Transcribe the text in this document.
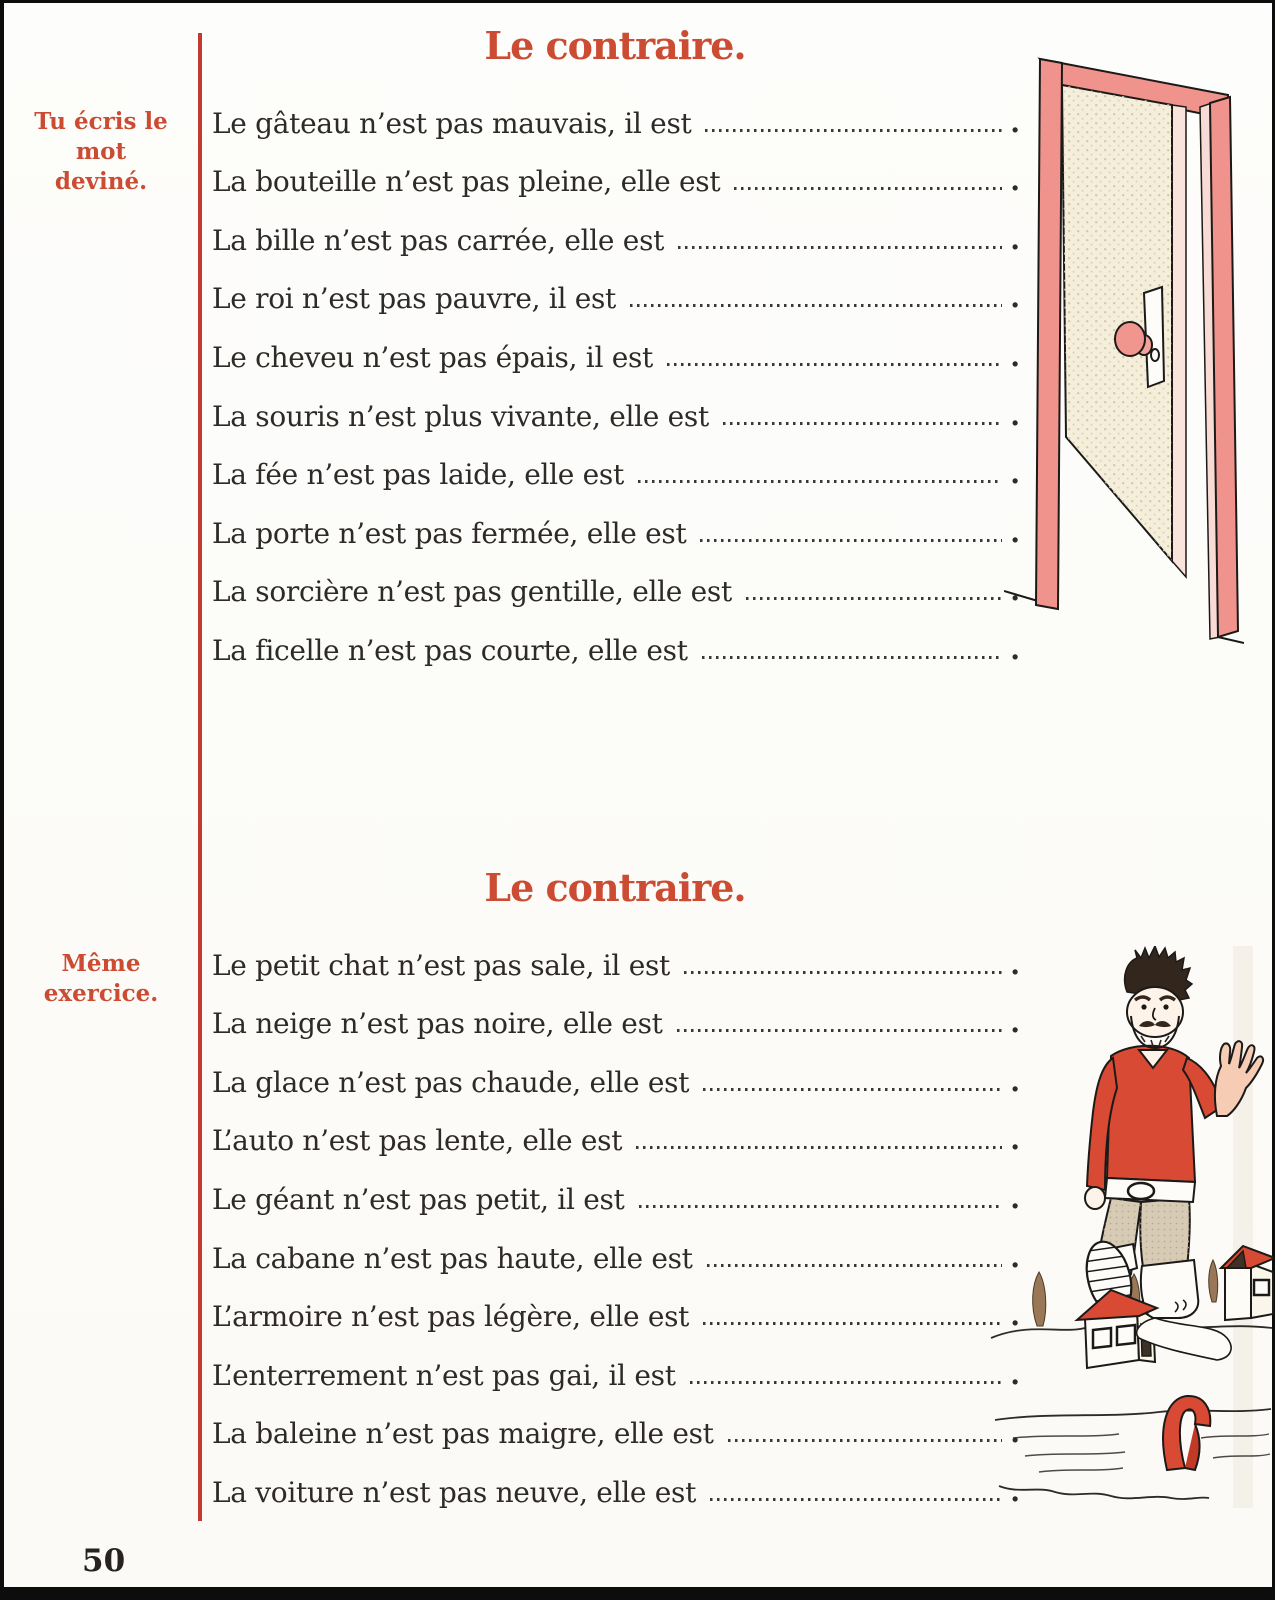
Le contraire.
Tu écris le mot
deviné.
Le gâteau n’est pas mauvais, il est	.
La bouteille n’est pas pleine, elle est	.
La bille n’est pas carrée, elle est	.
Le roi n’est pas pauvre, il est	.
Le cheveu n’est pas épais, il est	.
La souris n’est plus vivante, elle est	.
La fée n’est pas laide, elle est	.
La porte n’est pas fermée, elle est	.
La sorcière n’est pas gentille, elle est	.
La ficelle n’est pas courte, elle est	.
Le contraire.
Même
exercice.
Le petit chat n’est pas sale, il est	.
La neige n’est pas noire, elle est	.
La glace n’est pas chaude, elle est	.
L’auto n’est pas lente, elle est	.
Le géant n’est pas petit, il est	.
La cabane n’est pas haute, elle est	.
L’armoire n’est pas légère, elle est	.
L’enterrement n’est pas gai, il est	.
La baleine n’est pas maigre, elle est	.
La voiture n’est pas neuve, elle est	.
50
